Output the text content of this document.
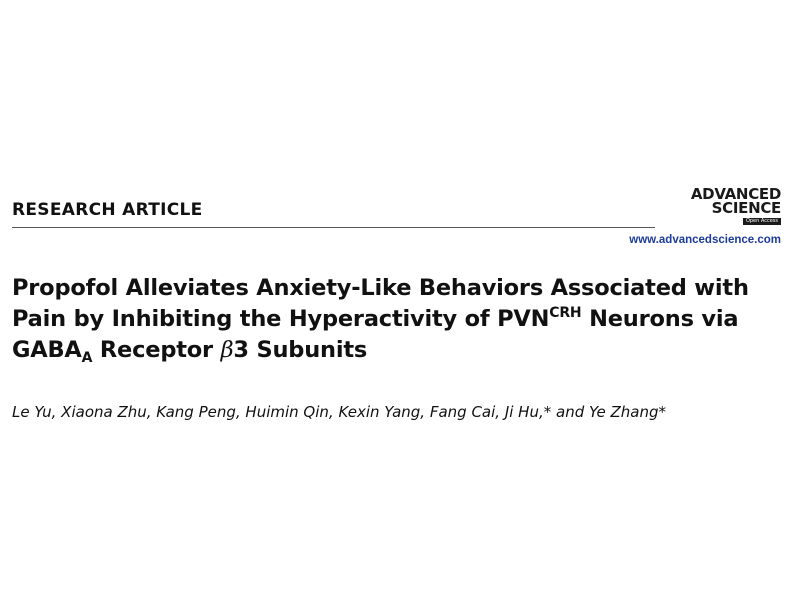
RESEARCH ARTICLE
ADVANCED
SCIENCE
Open Access
www.advancedscience.com
Propofol Alleviates Anxiety-Like Behaviors Associated with Pain by Inhibiting the Hyperactivity of $PVN^{CRH}$ Neurons via $GABA_A$ Receptor β3 Subunits
Le Yu, Xiaona Zhu, Kang Peng, Huimin Qin, Kexin Yang, Fang Cai, Ji Hu,* and Ye Zhang*
